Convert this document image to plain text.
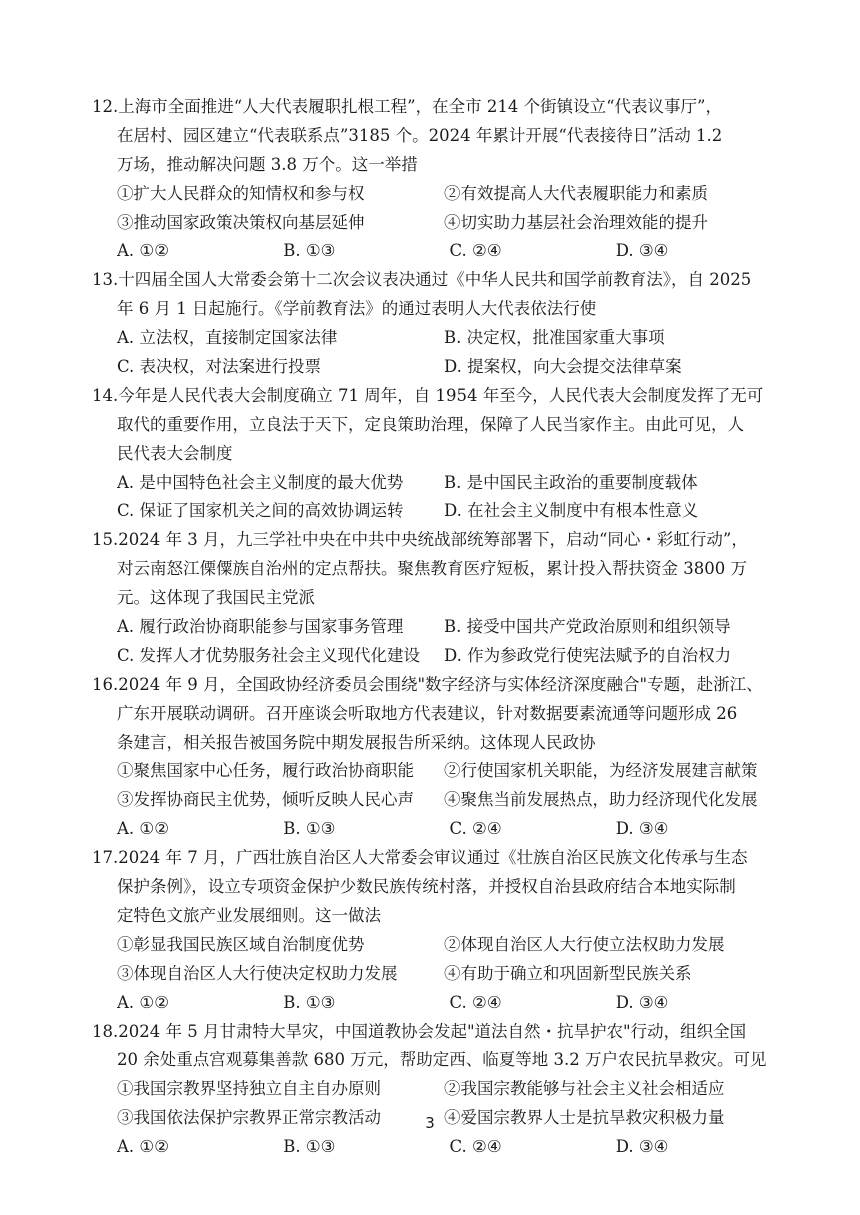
12.上海市全面推进“人大代表履职扎根工程”，在全市 214 个街镇设立“代表议事厅”，
在居村、园区建立“代表联系点”3185 个。2024 年累计开展“代表接待日”活动 1.2
万场，推动解决问题 3.8 万个。这一举措
①扩大人民群众的知情权和参与权	②有效提高人大代表履职能力和素质
③推动国家政策决策权向基层延伸	④切实助力基层社会治理效能的提升
A. ①②	B. ①③	C. ②④	D. ③④
13.十四届全国人大常委会第十二次会议表决通过《中华人民共和国学前教育法》，自 2025
年 6 月 1 日起施行。《学前教育法》的通过表明人大代表依法行使
A. 立法权，直接制定国家法律	B. 决定权，批准国家重大事项
C. 表决权，对法案进行投票	D. 提案权，向大会提交法律草案
14.今年是人民代表大会制度确立 71 周年，自 1954 年至今，人民代表大会制度发挥了无可
取代的重要作用，立良法于天下，定良策助治理，保障了人民当家作主。由此可见，人
民代表大会制度
A. 是中国特色社会主义制度的最大优势	B. 是中国民主政治的重要制度载体
C. 保证了国家机关之间的高效协调运转	D. 在社会主义制度中有根本性意义
15.2024 年 3 月，九三学社中央在中共中央统战部统筹部署下，启动“同心・彩虹行动”，
对云南怒江傈僳族自治州的定点帮扶。聚焦教育医疗短板，累计投入帮扶资金 3800 万
元。这体现了我国民主党派
A. 履行政治协商职能参与国家事务管理	B. 接受中国共产党政治原则和组织领导
C. 发挥人才优势服务社会主义现代化建设	D. 作为参政党行使宪法赋予的自治权力
16.2024 年 9 月，全国政协经济委员会围绕"数字经济与实体经济深度融合"专题，赴浙江、
广东开展联动调研。召开座谈会听取地方代表建议，针对数据要素流通等问题形成 26
条建言，相关报告被国务院中期发展报告所采纳。这体现人民政协
①聚焦国家中心任务，履行政治协商职能	②行使国家机关职能，为经济发展建言献策
③发挥协商民主优势，倾听反映人民心声	④聚焦当前发展热点，助力经济现代化发展
A. ①②	B. ①③	C. ②④	D. ③④
17.2024 年 7 月，广西壮族自治区人大常委会审议通过《壮族自治区民族文化传承与生态
保护条例》，设立专项资金保护少数民族传统村落，并授权自治县政府结合本地实际制
定特色文旅产业发展细则。这一做法
①彰显我国民族区域自治制度优势	②体现自治区人大行使立法权助力发展
③体现自治区人大行使决定权助力发展	④有助于确立和巩固新型民族关系
A. ①②	B. ①③	C. ②④	D. ③④
18.2024 年 5 月甘肃特大旱灾，中国道教协会发起"道法自然・抗旱护农"行动，组织全国
20 余处重点宫观募集善款 680 万元，帮助定西、临夏等地 3.2 万户农民抗旱救灾。可见
①我国宗教界坚持独立自主自办原则	②我国宗教能够与社会主义社会相适应
③我国依法保护宗教界正常宗教活动	④爱国宗教界人士是抗旱救灾积极力量
A. ①②	B. ①③	C. ②④	D. ③④
3
